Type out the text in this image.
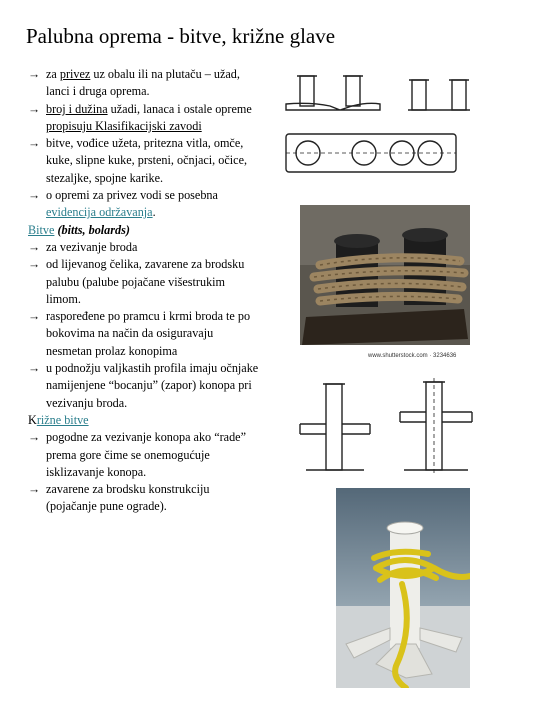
Palubna oprema - bitve, križne glave

→ za privez uz obalu ili na plutaču – užad, lanci i druga oprema.

→ broj i dužina užadi, lanaca i ostale opreme propisuju Klasifikacijski zavodi

→ bitve, vođice užeta, pritezna vitla, omče, kuke, slipne kuke, prsteni, očnjaci, očice, stezaljke, spojne karike.

→ o opremi za privez vodi se posebna evidencija održavanja.

Bitve (bitts, bolards)

→ za vezivanje broda

→ od lijevanog čelika, zavarene za brodsku palubu (palube pojačane višestrukim limom.

→ raspoređene po pramcu i krmi broda te po bokovima na način da osiguravaju nesmetan prolaz konopima

→ u podnožju valjkastih profila imaju očnjake namijenjene “bocanju” (zapor) konopa pri vezivanju broda.

Križne bitve

→ pogodne za vezivanje konopa ako “rade” prema gore čime se onemogućuje isklizavanje konopa.

→ zavarene za brodsku konstrukciju (pojačanje pune ograde).

www.shutterstock.com · 3234636
